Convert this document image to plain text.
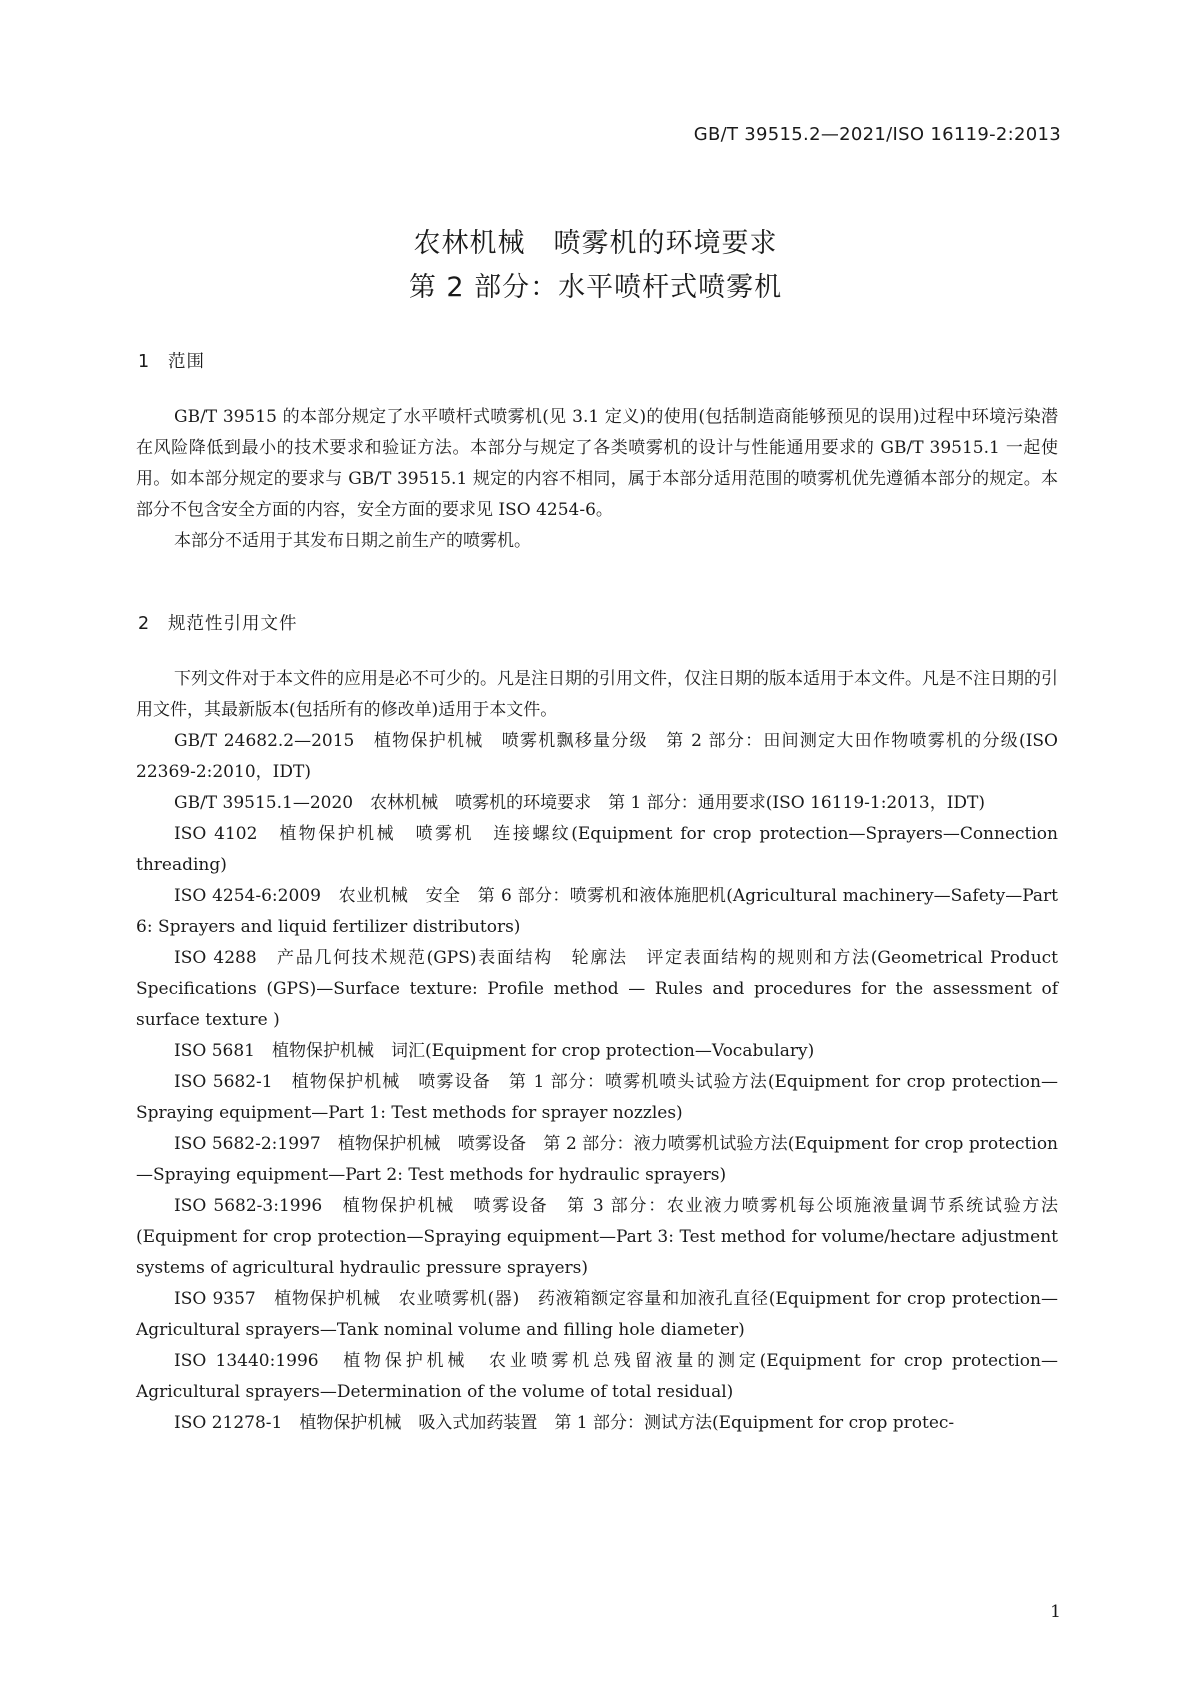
GB/T 39515.2—2021/ISO 16119-2:2013
农林机械　喷雾机的环境要求
第 2 部分：水平喷杆式喷雾机
1 范围

GB/T 39515 的本部分规定了水平喷杆式喷雾机(见 3.1 定义)的使用(包括制造商能够预见的误用)过程中环境污染潜在风险降低到最小的技术要求和验证方法。本部分与规定了各类喷雾机的设计与性能通用要求的 GB/T 39515.1 一起使用。如本部分规定的要求与 GB/T 39515.1 规定的内容不相同，属于本部分适用范围的喷雾机优先遵循本部分的规定。本部分不包含安全方面的内容，安全方面的要求见 ISO 4254-6。

本部分不适用于其发布日期之前生产的喷雾机。

2 规范性引用文件

下列文件对于本文件的应用是必不可少的。凡是注日期的引用文件，仅注日期的版本适用于本文件。凡是不注日期的引用文件，其最新版本(包括所有的修改单)适用于本文件。

GB/T 24682.2—2015　植物保护机械　喷雾机飘移量分级　第 2 部分：田间测定大田作物喷雾机的分级(ISO 22369-2:2010，IDT)

GB/T 39515.1—2020　农林机械　喷雾机的环境要求　第 1 部分：通用要求(ISO 16119-1:2013，IDT)

ISO 4102　植物保护机械　喷雾机　连接螺纹(Equipment for crop protection—Sprayers—Connection threading)

ISO 4254-6:2009　农业机械　安全　第 6 部分：喷雾机和液体施肥机(Agricultural machinery—Safety—Part 6: Sprayers and liquid fertilizer distributors)

ISO 4288　产品几何技术规范(GPS)表面结构　轮廓法　评定表面结构的规则和方法(Geometrical Product Specifications (GPS)—Surface texture: Profile method — Rules and procedures for the assessment of surface texture )

ISO 5681　植物保护机械　词汇(Equipment for crop protection—Vocabulary)

ISO 5682-1　植物保护机械　喷雾设备　第 1 部分：喷雾机喷头试验方法(Equipment for crop protection—Spraying equipment—Part 1: Test methods for sprayer nozzles)

ISO 5682-2:1997　植物保护机械　喷雾设备　第 2 部分：液力喷雾机试验方法(Equipment for crop protection—Spraying equipment—Part 2: Test methods for hydraulic sprayers)

ISO 5682-3:1996　植物保护机械　喷雾设备　第 3 部分：农业液力喷雾机每公顷施液量调节系统试验方法(Equipment for crop protection—Spraying equipment—Part 3: Test method for volume/hectare adjustment systems of agricultural hydraulic pressure sprayers)

ISO 9357　植物保护机械　农业喷雾机(器)　药液箱额定容量和加液孔直径(Equipment for crop protection—Agricultural sprayers—Tank nominal volume and filling hole diameter)

ISO 13440:1996　植物保护机械　农业喷雾机总残留液量的测定(Equipment for crop protection—Agricultural sprayers—Determination of the volume of total residual)

ISO 21278-1　植物保护机械　吸入式加药装置　第 1 部分：测试方法(Equipment for crop protec-

1
